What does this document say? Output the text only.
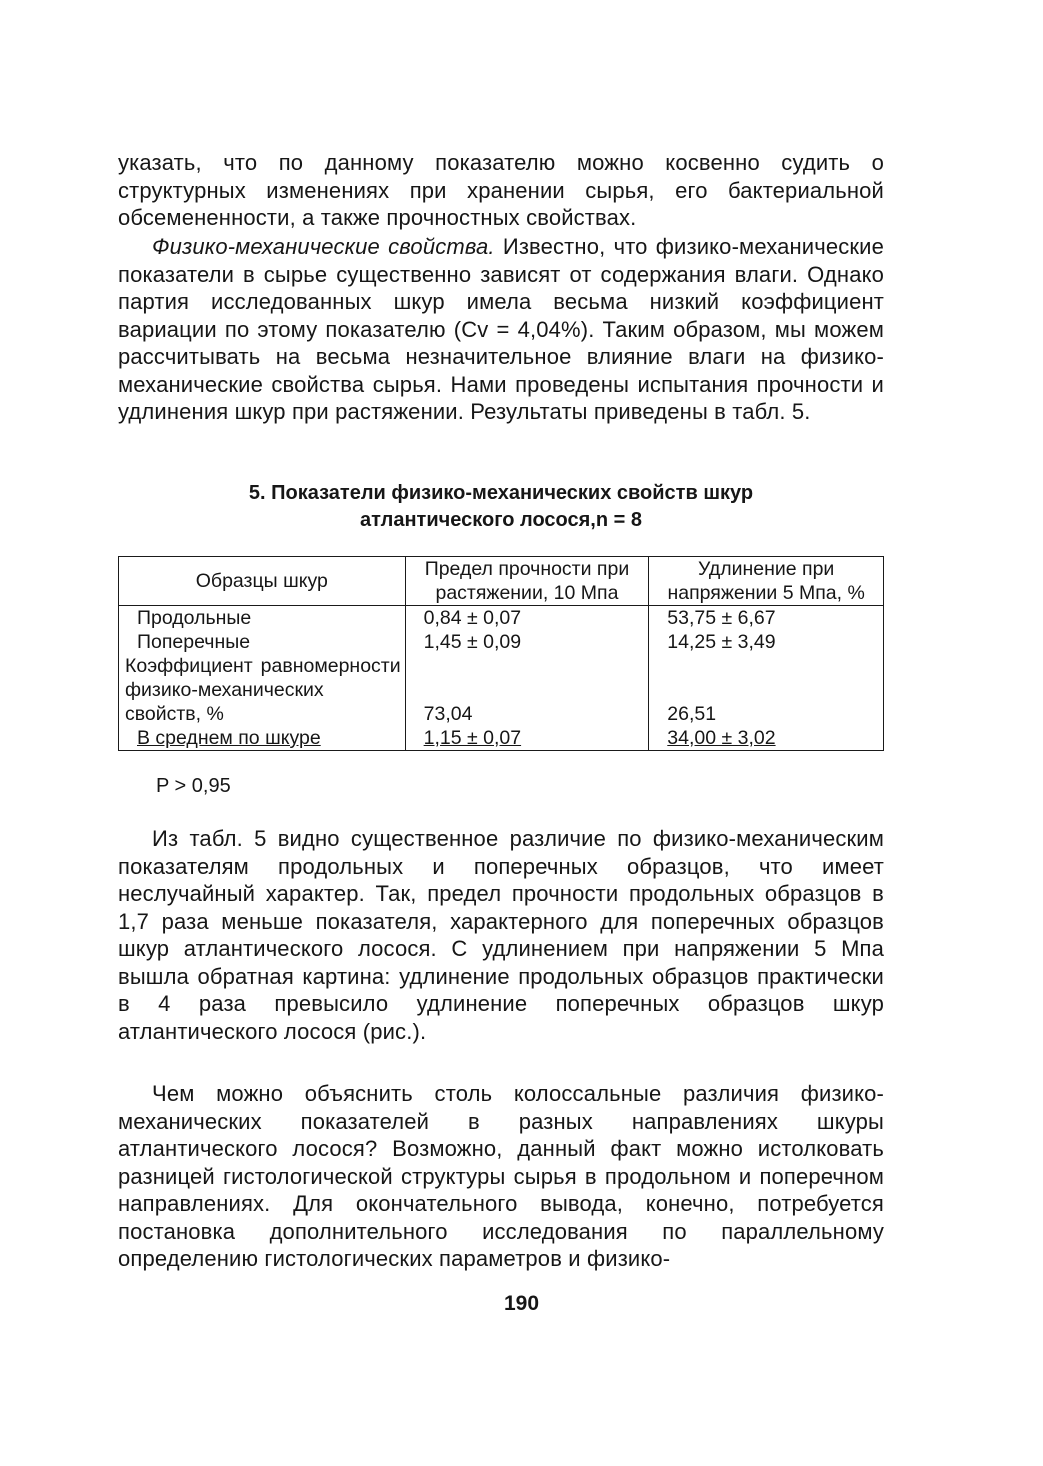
указать, что по данному показателю можно косвенно судить о структурных изменениях при хранении сырья, его бактериальной обсемененности, а также прочностных свойствах.

Физико-механические свойства. Известно, что физико-механические показатели в сырье существенно зависят от содержания влаги. Однако партия исследованных шкур имела весьма низкий коэффициент вариации по этому показателю (Cv = 4,04%). Таким образом, мы можем рассчитывать на весьма незначительное влияние влаги на физико-механические свойства сырья. Нами проведены испытания прочности и удлинения шкур при растяжении. Результаты приведены в табл. 5.

5. Показатели физико-механических свойств шкур
атлантического лосося,n = 8

Образцы шкур	Предел прочности при растяжении, 10 Мпа	Удлинение при напряжении 5 Мпа, %
Продольные	0,84 ± 0,07	53,75 ± 6,67
Поперечные	1,45 ± 0,09	14,25 ± 3,49
Коэффициент равномерности физико-механических свойств, %	73,04	26,51
В среднем по шкуре	1,15 ± 0,07	34,00 ± 3,02

P > 0,95

Из табл. 5 видно существенное различие по физико-механическим показателям продольных и поперечных образцов, что имеет неслучайный характер. Так, предел прочности продольных образцов в 1,7 раза меньше показателя, характерного для поперечных образцов шкур атлантического лосося. С удлинением при напряжении 5 Мпа вышла обратная картина: удлинение продольных образцов практически в 4 раза превысило удлинение поперечных образцов шкур атлантического лосося (рис.).

Чем можно объяснить столь колоссальные различия физико-механических показателей в разных направлениях шкуры атлантического лосося? Возможно, данный факт можно истолковать разницей гистологической структуры сырья в продольном и поперечном направлениях. Для окончательного вывода, конечно, потребуется постановка дополнительного исследования по параллельному определению гистологических параметров и физико-

190
